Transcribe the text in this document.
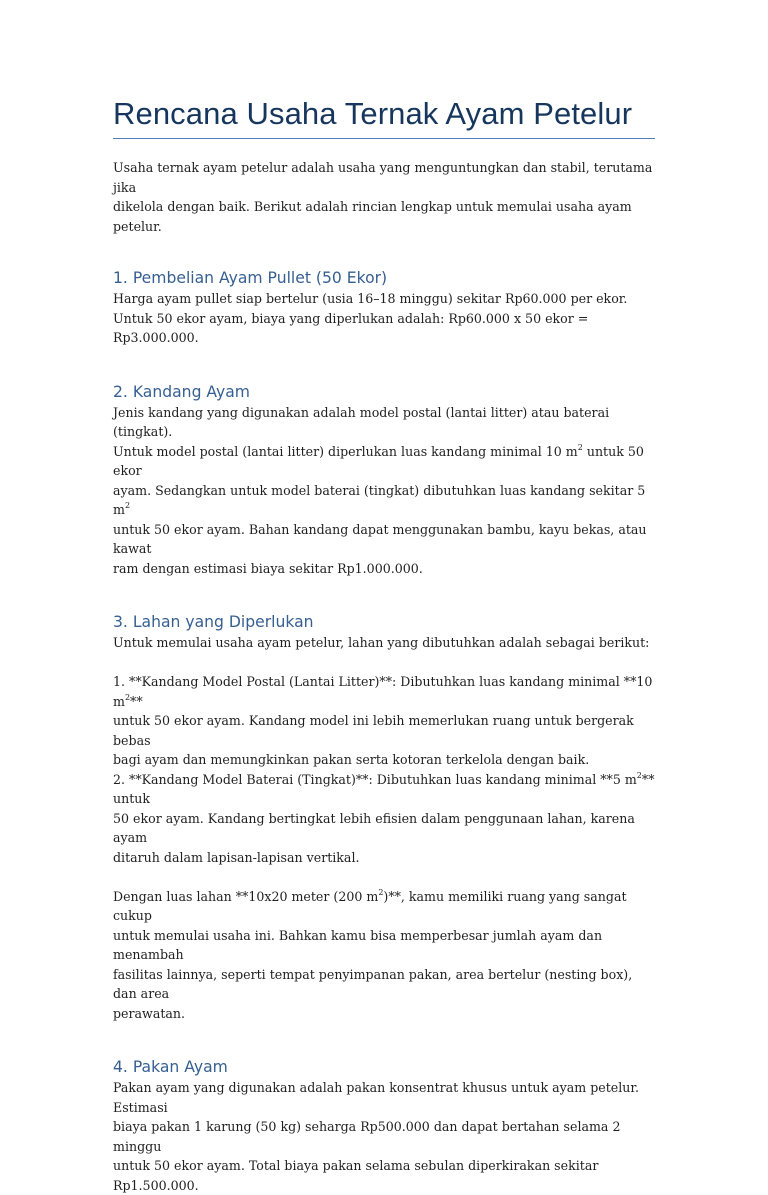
Rencana Usaha Ternak Ayam Petelur

Usaha ternak ayam petelur adalah usaha yang menguntungkan dan stabil, terutama jika

dikelola dengan baik. Berikut adalah rincian lengkap untuk memulai usaha ayam petelur.

1. Pembelian Ayam Pullet (50 Ekor)

Harga ayam pullet siap bertelur (usia 16–18 minggu) sekitar Rp60.000 per ekor.

Untuk 50 ekor ayam, biaya yang diperlukan adalah: Rp60.000 x 50 ekor = Rp3.000.000.

2. Kandang Ayam

Jenis kandang yang digunakan adalah model postal (lantai litter) atau baterai (tingkat).

Untuk model postal (lantai litter) diperlukan luas kandang minimal 10 $m^2$ untuk 50 ekor

ayam. Sedangkan untuk model baterai (tingkat) dibutuhkan luas kandang sekitar 5 $m^2$

untuk 50 ekor ayam. Bahan kandang dapat menggunakan bambu, kayu bekas, atau kawat

ram dengan estimasi biaya sekitar Rp1.000.000.

3. Lahan yang Diperlukan

Untuk memulai usaha ayam petelur, lahan yang dibutuhkan adalah sebagai berikut:

1. **Kandang Model Postal (Lantai Litter)**: Dibutuhkan luas kandang minimal **10 $m^2**$

untuk 50 ekor ayam. Kandang model ini lebih memerlukan ruang untuk bergerak bebas

bagi ayam dan memungkinkan pakan serta kotoran terkelola dengan baik.

2. **Kandang Model Baterai (Tingkat)**: Dibutuhkan luas kandang minimal **5 $m^2**$ untuk

50 ekor ayam. Kandang bertingkat lebih efisien dalam penggunaan lahan, karena ayam

ditaruh dalam lapisan-lapisan vertikal.

Dengan luas lahan **10x20 meter (200 $m^2)**$, kamu memiliki ruang yang sangat cukup

untuk memulai usaha ini. Bahkan kamu bisa memperbesar jumlah ayam dan menambah

fasilitas lainnya, seperti tempat penyimpanan pakan, area bertelur (nesting box), dan area

perawatan.

4. Pakan Ayam

Pakan ayam yang digunakan adalah pakan konsentrat khusus untuk ayam petelur. Estimasi

biaya pakan 1 karung (50 kg) seharga Rp500.000 dan dapat bertahan selama 2 minggu

untuk 50 ekor ayam. Total biaya pakan selama sebulan diperkirakan sekitar Rp1.500.000.
